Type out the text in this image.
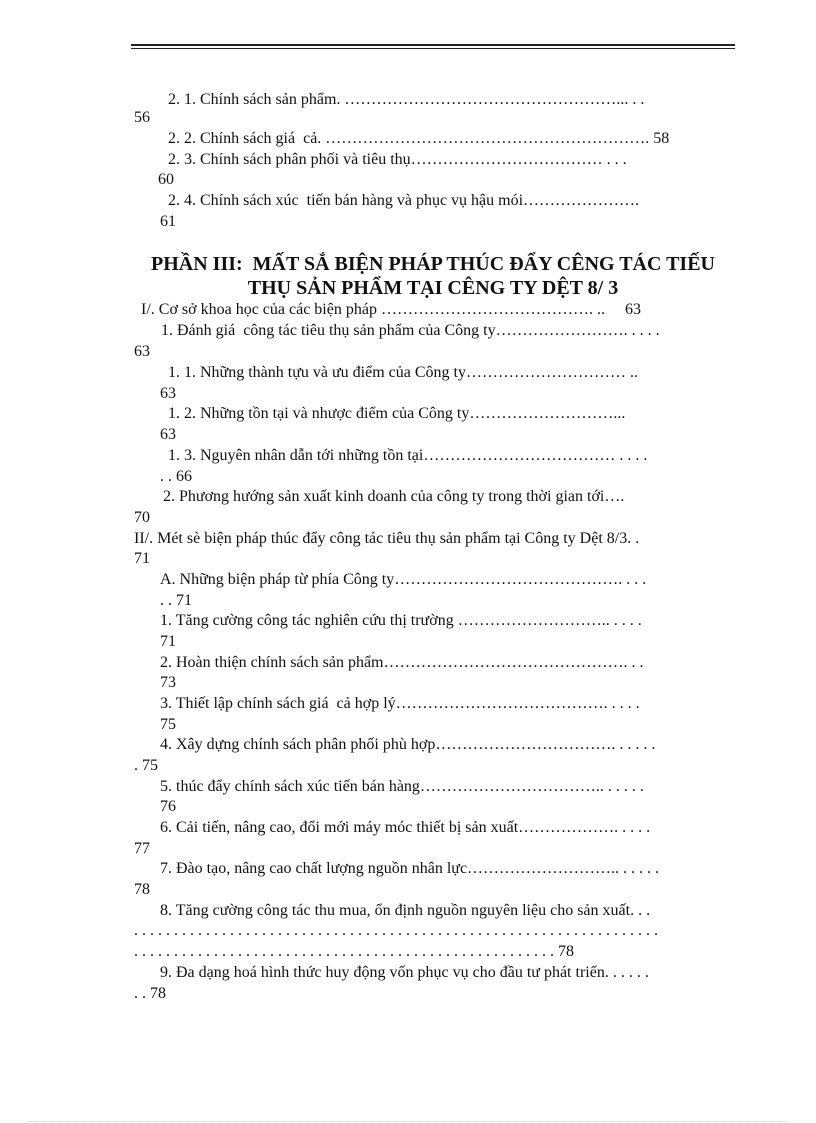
2. 1. Chính sách sản phẩm. ……………………………………………... . .
56
2. 2. Chính sách giá  cả. ……………………………………………………. 58
2. 3. Chính sách phân phối và tiêu thụ……………………………… . . .
60
2. 4. Chính sách xúc  tiến bán hàng và phục vụ hậu mói………………….
61
PHẦN III:  MẤT SẮ BIỆN PHÁP THÚC ĐẨY CÊNG TÁC TIẾU
THỤ SẢN PHẨM TẠI CÊNG TY DỆT 8/ 3
I/. Cơ sở khoa học của các biện pháp …………………………………. ..     63
1. Đánh giá  công tác tiêu thụ sản phẩm của Công ty……………………. . . . .
63
1. 1. Những thành tựu và ưu điểm của Công ty………………………… ..
63
1. 2. Những tồn tại và nhược điểm của Công ty………………………...
63
1. 3. Nguyên nhân dẫn tới những tồn tại……………………………… . . . .
. . 66
2. Phương hướng sản xuất kinh doanh của công ty trong thời gian tới….
70
II/. Mét sè biện pháp thúc đẩy công tác tiêu thụ sản phẩm tại Công ty Dệt 8/3. .
71
A. Những biện pháp từ phía Công ty……………………………………. . . .
. . 71
1. Tăng cường công tác nghiên cứu thị trường ……………………….. . . . .
71
2. Hoàn thiện chính sách sản phẩm………………………………………. . .
73
3. Thiết lập chính sách giá  cả hợp lý…………………………………. . . . .
75
4. Xây dựng chính sách phân phối phù hợp……………………………. . . . . .
. 75
5. thúc đẩy chính sách xúc tiến bán hàng…………………………….. . . . . .
76
6. Cải tiến, nâng cao, đổi mới máy móc thiết bị sản xuất………………. . . . .
77
7. Đào tạo, nâng cao chất lượng nguồn nhân lực……………………….. . . . . .
78
8. Tăng cường công tác thu mua, ổn định nguồn nguyên liệu cho sản xuất. . .
. . . . . . . . . . . . . . . . . . . . . . . . . . . . . . . . . . . . . . . . . . . . . . . . . . . . . . . . . . . . . . . . . .
. . . . . . . . . . . . . . . . . . . . . . . . . . . . . . . . . . . . . . . . . . . . . . . . . . . . . 78
9. Đa dạng hoá hình thức huy động vốn phục vụ cho đầu tư phát triển. . . . . .
. . 78
